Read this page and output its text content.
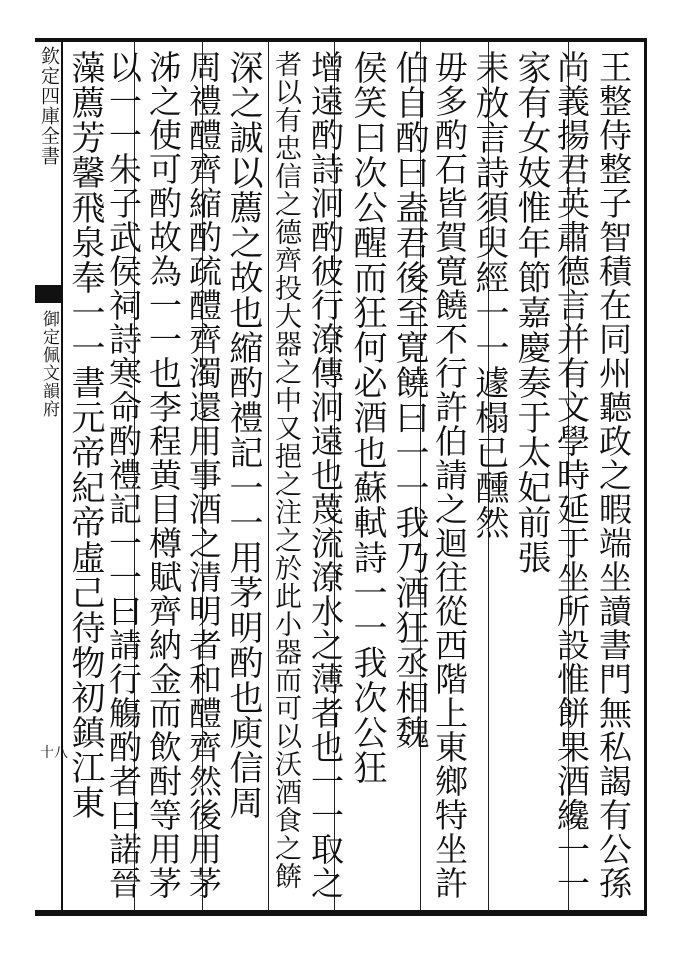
欽定四庫全書
御定佩文韻府
十八	王整侍整子智積在同州聽政之暇端坐讀書門無私謁有公孫
尚義揚君英肅德言并有文學時延于坐所設惟餅果酒纔一一
家有女妓惟年節嘉慶奏于太妃前張
耒放言詩須臾經一一遽榻已醺然
毋多酌石皆賀寛饒不行許伯請之迴往從西階上東鄉特坐許
伯自酌曰盍君後至寛饒曰一一我乃酒狂丞相魏
侯笑曰次公醒而狂何必酒也蘇軾詩一一我次公狂
增遠酌詩泂酌彼行潦傳泂遠也蔑流潦水之薄者也一一取之
者以有忠信之德齊投大器之中又挹之注之於此小器而可以沃酒食之餴
深之誠以薦之故也縮酌禮記一一用茅明酌也庾信周
周禮醴齊縮酌疏醴齊濁還用事酒之清明者和醴齊然後用茅
泲之使可酌故為一一也李程黄目樽賦齊納金而飲酎等用茅
以一一朱子武侯祠詩寒命酌禮記一一曰請行觴酌者曰諾晉
藻薦芳馨飛泉奉一一書元帝紀帝虛己待物初鎮江東
